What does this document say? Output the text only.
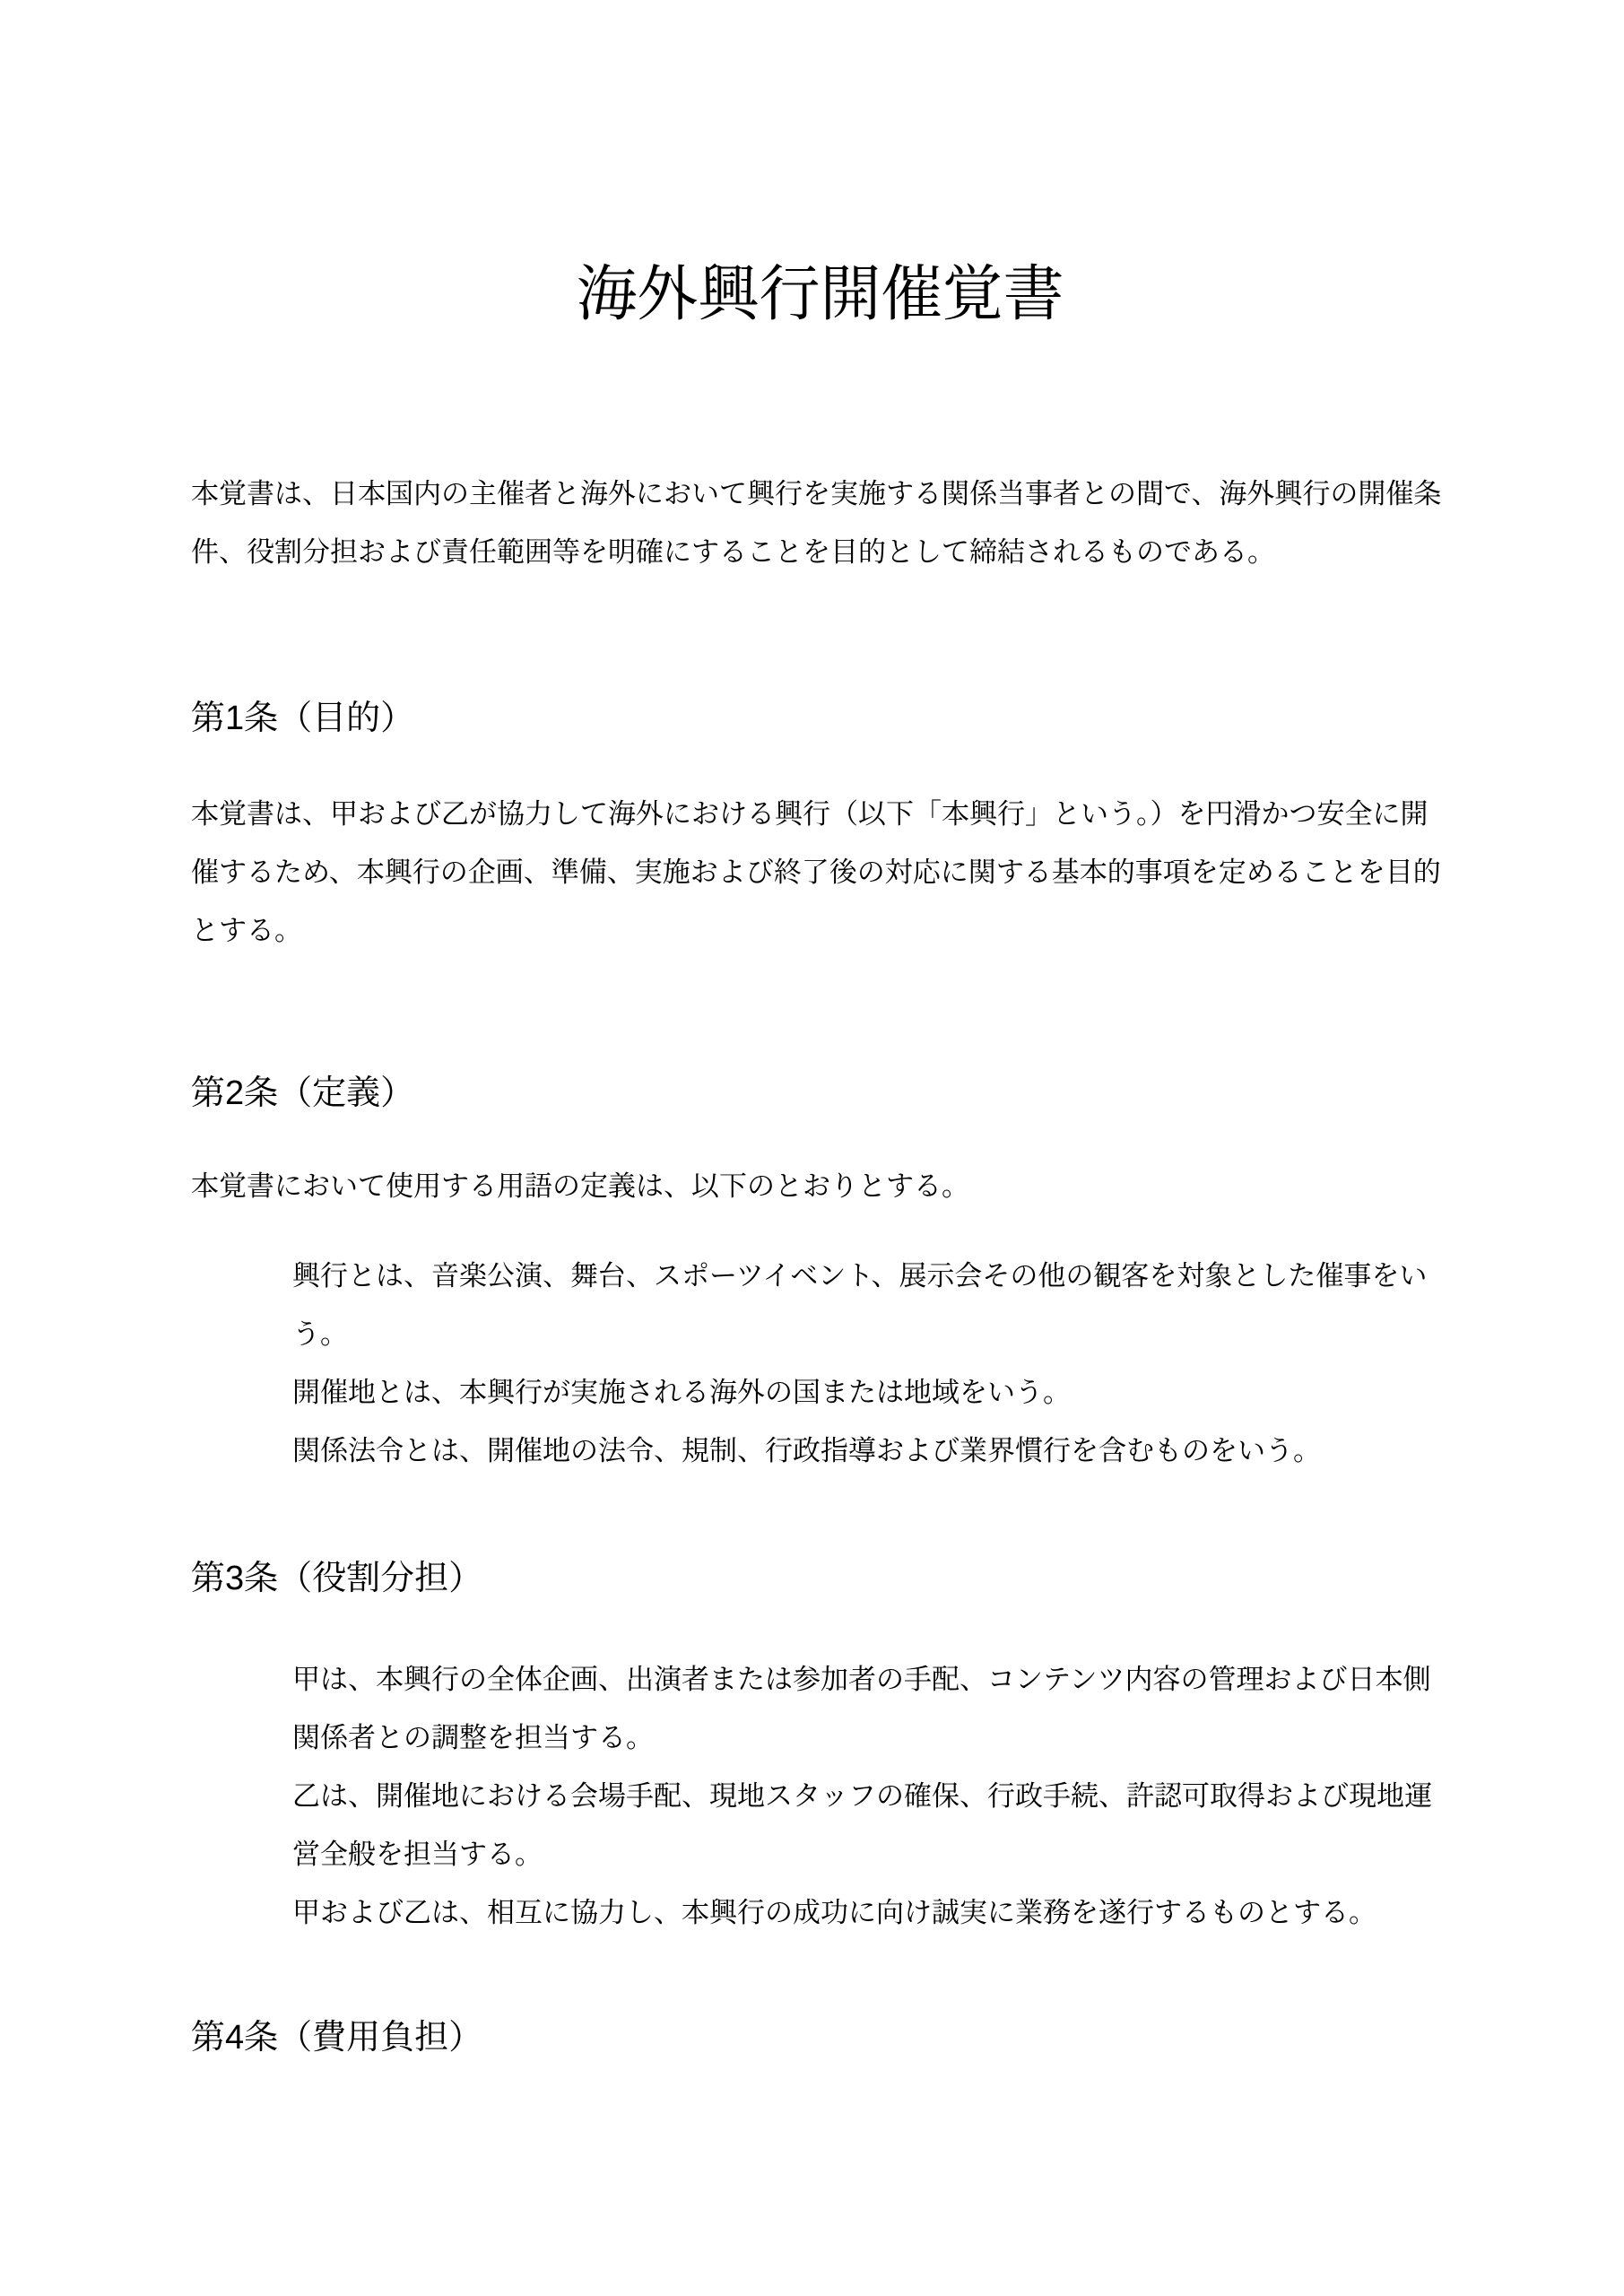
海外興行開催覚書
本覚書は、日本国内の主催者と海外において興行を実施する関係当事者との間で、海外興行の開催条
件、役割分担および責任範囲等を明確にすることを目的として締結されるものである。
第1条（目的）
本覚書は、甲および乙が協力して海外における興行（以下「本興行」という。）を円滑かつ安全に開
催するため、本興行の企画、準備、実施および終了後の対応に関する基本的事項を定めることを目的
とする。
第2条（定義）
本覚書において使用する用語の定義は、以下のとおりとする。
興行とは、音楽公演、舞台、スポーツイベント、展示会その他の観客を対象とした催事をい
う。
開催地とは、本興行が実施される海外の国または地域をいう。
関係法令とは、開催地の法令、規制、行政指導および業界慣行を含むものをいう。
第3条（役割分担）
甲は、本興行の全体企画、出演者または参加者の手配、コンテンツ内容の管理および日本側
関係者との調整を担当する。
乙は、開催地における会場手配、現地スタッフの確保、行政手続、許認可取得および現地運
営全般を担当する。
甲および乙は、相互に協力し、本興行の成功に向け誠実に業務を遂行するものとする。
第4条（費用負担）
